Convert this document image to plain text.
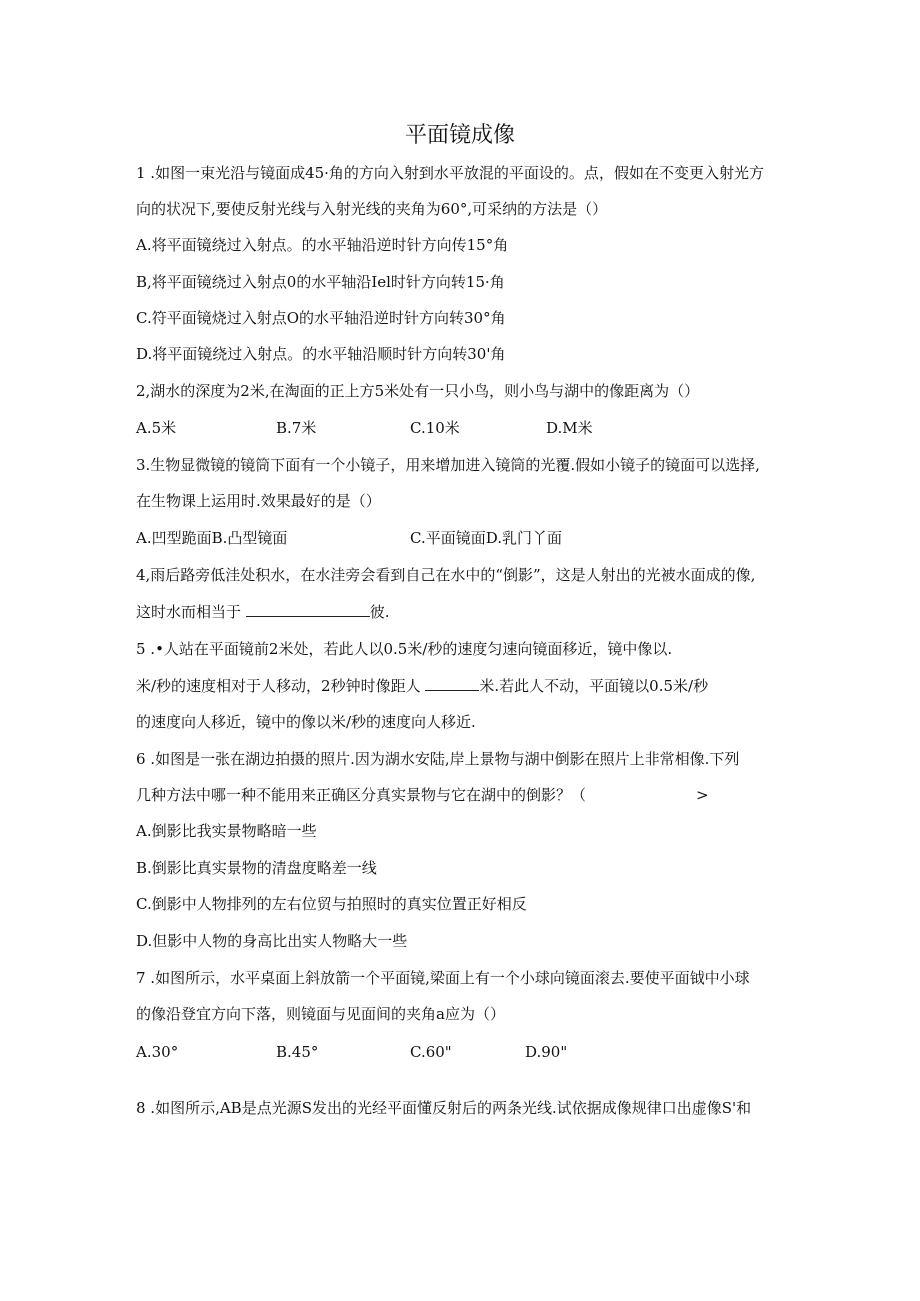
平面镜成像
1 .如图一束光沿与镜面成45·角的方向入射到水平放混的平面设的。点，假如在不变更入射光方
向的状况下,要使反射光线与入射光线的夹角为60°,可采纳的方法是（）
A.将平面镜绕过入射点。的水平轴沿逆时针方向传15°角
B,将平面镜绕过入射点0的水平轴沿Iel时针方向转15·角
C.符平面镜烧过入射点O的水平轴沿逆时针方向转30°角
D.将平面镜绕过入射点。的水平轴沿顺时针方向转30'角
2,湖水的深度为2米,在淘面的正上方5米处有一只小鸟，则小鸟与湖中的像距离为（）
A.5米	B.7米	C.10米	D.M米
3.生物显微镜的镜筒下面有一个小镜子，用来增加进入镜筒的光覆.假如小镜子的镜面可以选择,
在生物课上运用时.效果最好的是（）
A.凹型跪面B.凸型镜面	C.平面镜面D.乳门丫面
4,雨后路旁低洼处积水，在水洼旁会看到自己在水中的“倒影”，这是人射出的光被水面成的像,
这时水而相当于	彼.
5 .•人站在平面镜前2米处，若此人以0.5米/秒的速度匀速向镜面移近，镜中像以.
米/秒的速度相对于人移动，2秒钟时像距人	米.若此人不动，平面镜以0.5米/秒
的速度向人移近，镜中的像以米/秒的速度向人移近.
6 .如图是一张在湖边拍摄的照片.因为湖水安陆,岸上景物与湖中倒影在照片上非常相像.下列
几种方法中哪一种不能用来正确区分真实景物与它在湖中的倒影？（	>
A.倒影比我实景物略暗一些
B.倒影比真实景物的清盘度略差一线
C.倒影中人物排列的左右位贸与拍照时的真实位置正好相反
D.但影中人物的身高比出实人物略大一些
7 .如图所示，水平桌面上斜放箭一个平面镜,梁面上有一个小球向镜面滚去.要使平面钺中小球
的像沿登宜方向下落，则镜面与见面间的夹角a应为（）
A.30°	B.45°	C.60"	D.90"
8 .如图所示,AB是点光源S发出的光经平面懂反射后的两条光线.试依据成像规律口出虚像S'和
